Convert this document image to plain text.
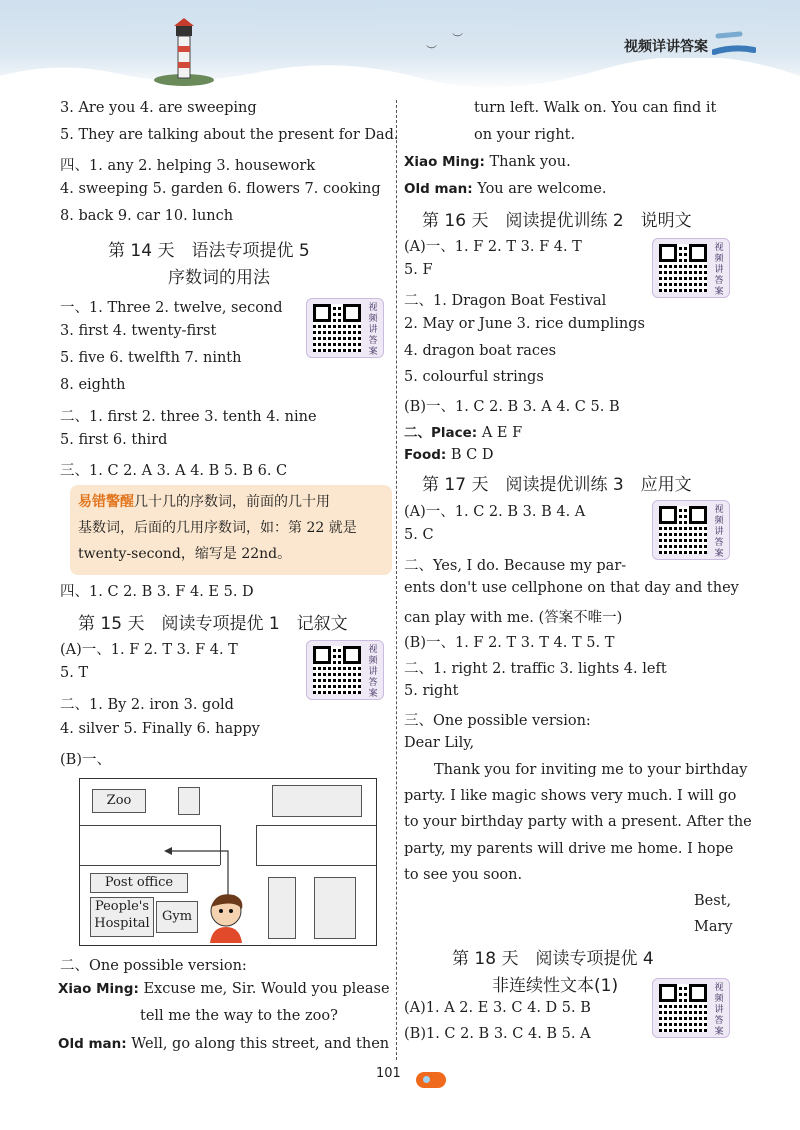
︶
︶
视频详讲答案
3. Are you 4. are sweeping
5. They are talking about the present for Dad.
四、1. any 2. helping 3. housework
4. sweeping 5. garden 6. flowers 7. cooking
8. back 9. car 10. lunch
第 14 天　语法专项提优 5
序数词的用法
一、1. Three 2. twelve, second
3. first 4. twenty-first
5. five 6. twelfth 7. ninth
8. eighth
二、1. first 2. three 3. tenth 4. nine
5. first 6. third
三、1. C 2. A 3. A 4. B 5. B 6. C
四、1. C 2. B 3. F 4. E 5. D
第 15 天　阅读专项提优 1　记叙文
(A)一、1. F 2. T 3. F 4. T
5. T
二、1. By 2. iron 3. gold
4. silver 5. Finally 6. happy
(B)一、
二、One possible version:
Xiao Ming: Excuse me, Sir. Would you please
tell me the way to the zoo?
Old man: Well, go along this street, and then
视频讲答案
视频讲答案
易错警醒几十几的序数词，前面的几十用
基数词，后面的几用序数词，如：第 22 就是
twenty-second，缩写是 22nd。
Zoo
Post office
People's
Hospital Gym
turn left. Walk on. You can find it
on your right.
Xiao Ming: Thank you.
Old man: You are welcome.
第 16 天　阅读提优训练 2　说明文
(A)一、1. F 2. T 3. F 4. T
5. F
二、1. Dragon Boat Festival
2. May or June 3. rice dumplings
4. dragon boat races
5. colourful strings
(B)一、1. C 2. B 3. A 4. C 5. B
二、Place: A E F
Food: B C D
第 17 天　阅读提优训练 3　应用文
(A)一、1. C 2. B 3. B 4. A
5. C
二、Yes, I do. Because my par-
ents don't use cellphone on that day and they
can play with me. (答案不唯一)
(B)一、1. F 2. T 3. T 4. T 5. T
二、1. right 2. traffic 3. lights 4. left
5. right
三、One possible version:
Dear Lily,
Thank you for inviting me to your birthday
party. I like magic shows very much. I will go
to your birthday party with a present. After the
party, my parents will drive me home. I hope
to see you soon.
Best,
Mary
第 18 天　阅读专项提优 4
非连续性文本(1)
(A)1. A 2. E 3. C 4. D 5. B
(B)1. C 2. B 3. C 4. B 5. A
视频讲答案
视频讲答案
视频讲答案
101
